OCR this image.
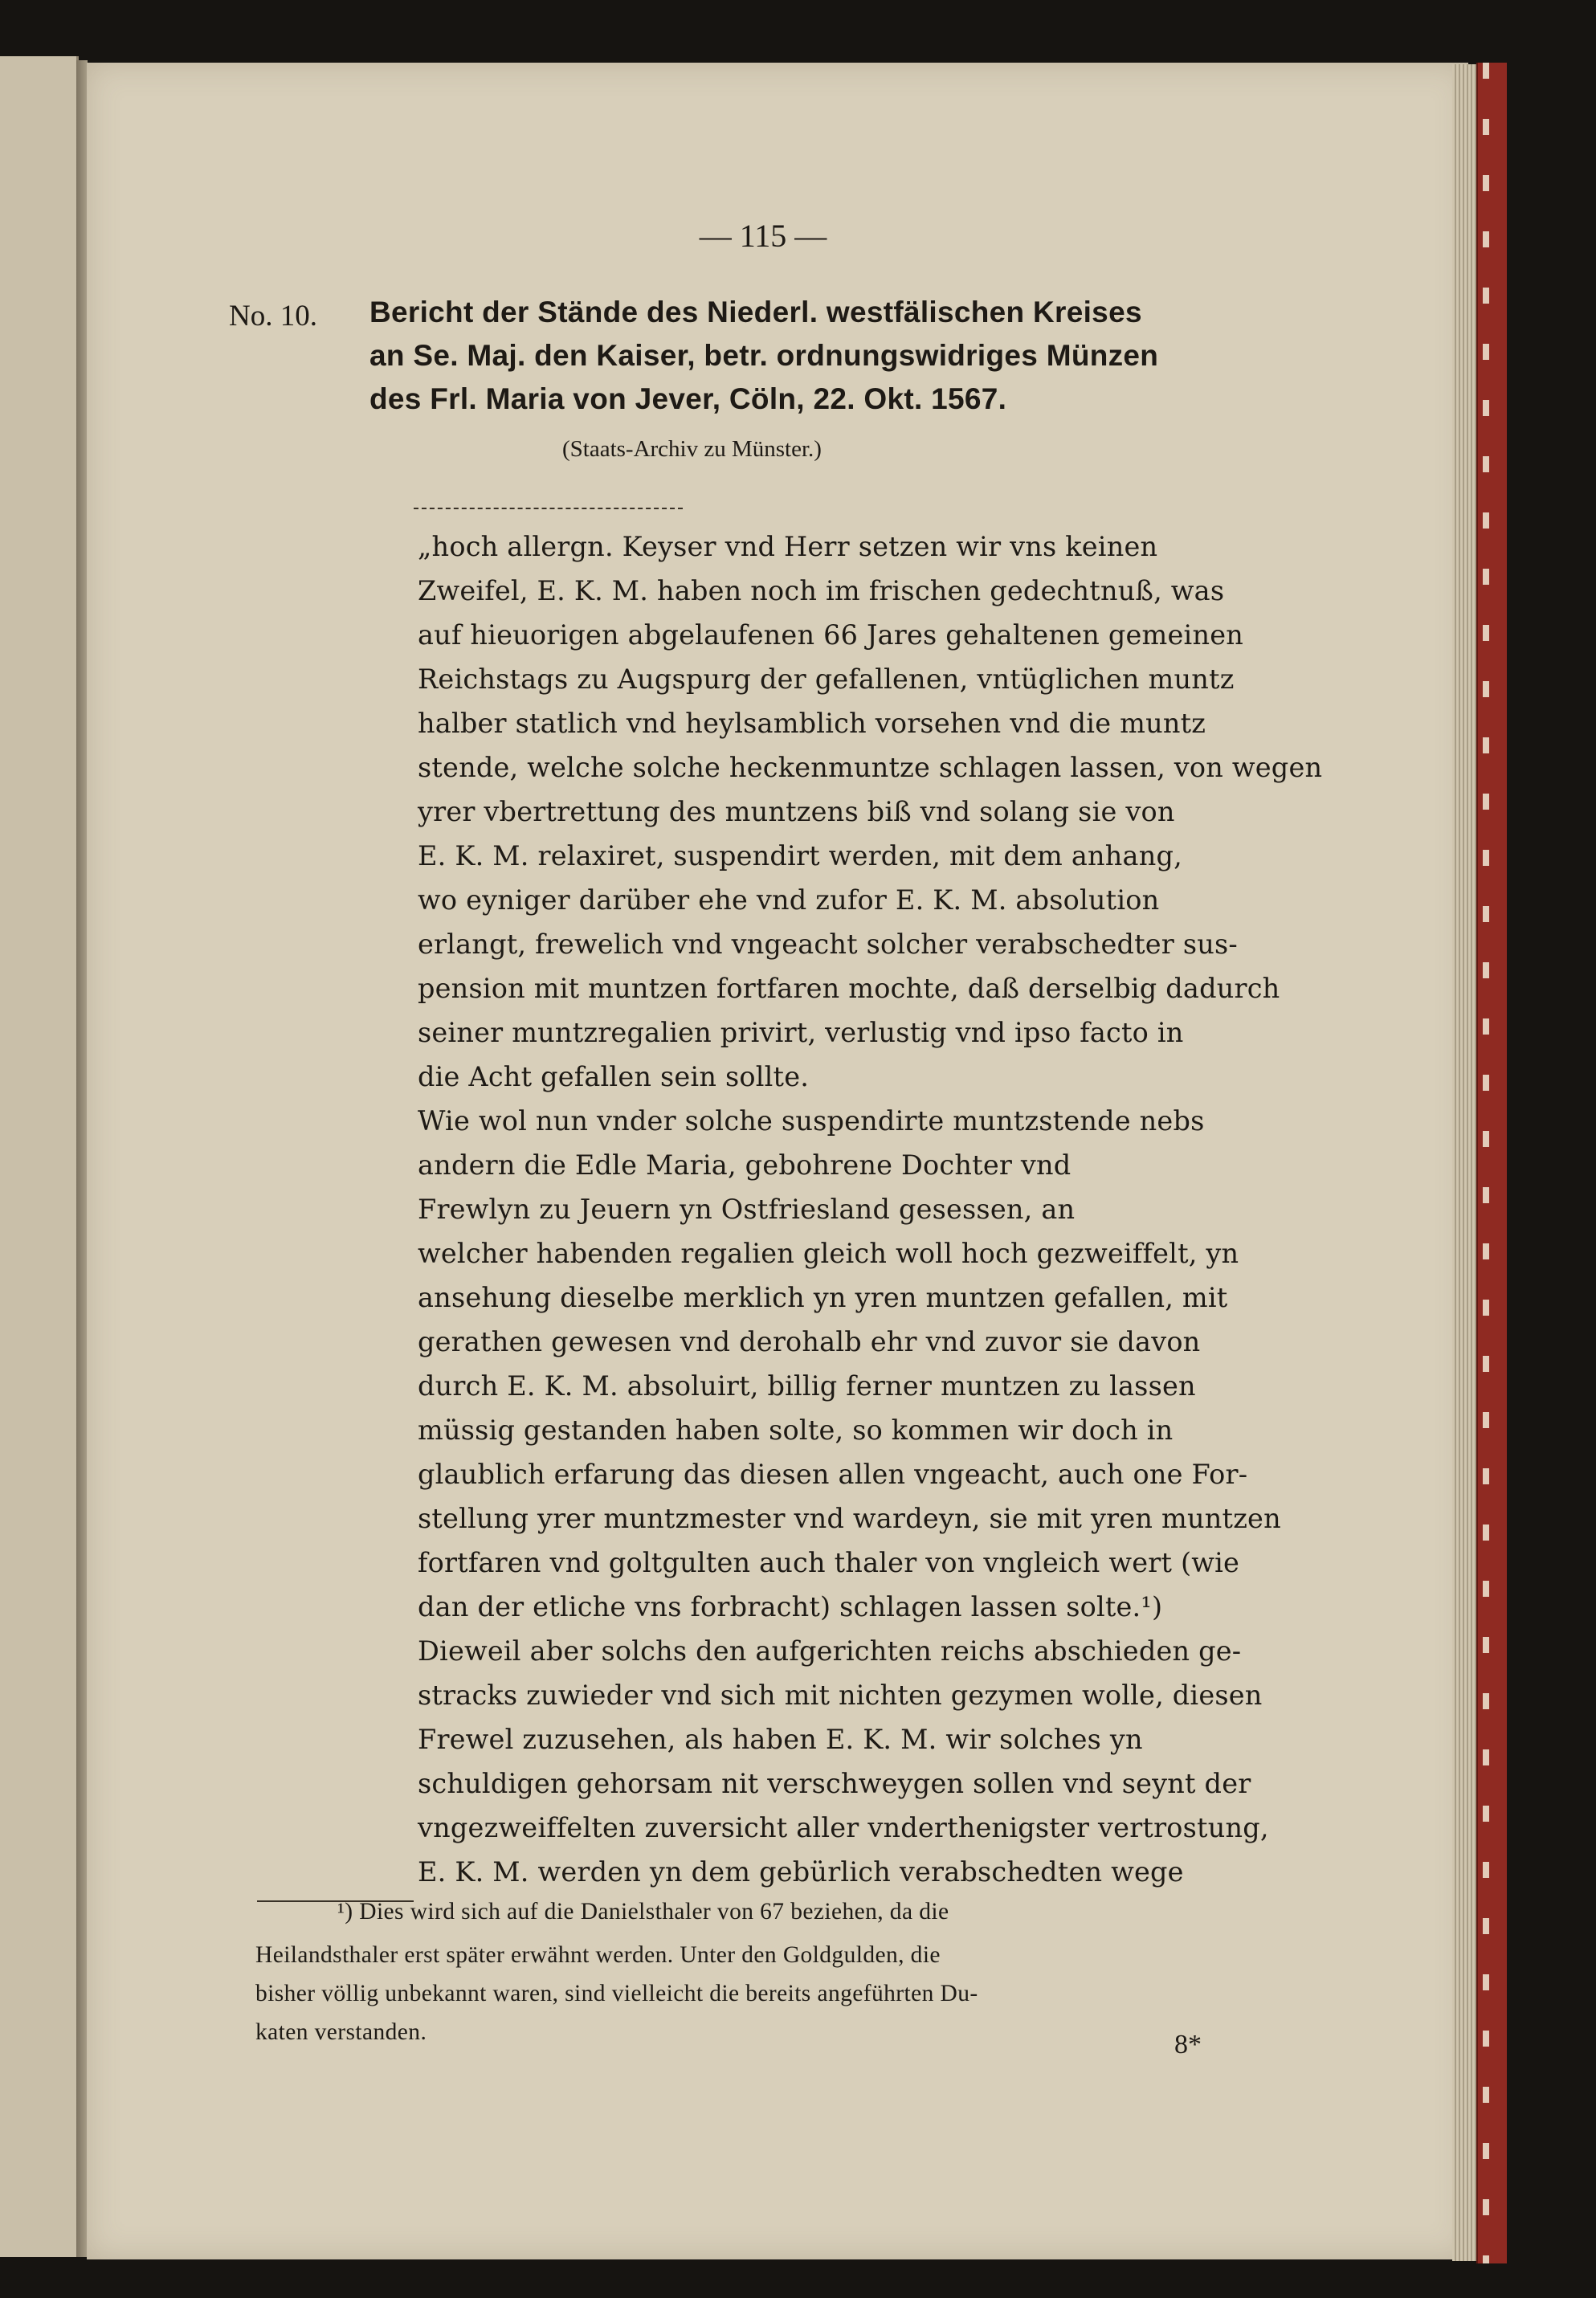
— 115 —
No. 10. Bericht der Stände des Niederl. westfälischen Kreises
an Se. Maj. den Kaiser, betr. ordnungswidriges Münzen
des Frl. Maria von Jever, Cöln, 22. Okt. 1567.
(Staats-Archiv zu Münster.)
„hoch allergn. Keyser vnd Herr setzen wir vns keinen
Zweifel, E. K. M. haben noch im frischen gedechtnuß, was
auf hieuorigen abgelaufenen 66 Jares gehaltenen gemeinen
Reichstags zu Augspurg der gefallenen, vntüglichen muntz
halber statlich vnd heylsamblich vorsehen vnd die muntz
stende, welche solche heckenmuntze schlagen lassen, von wegen
yrer vbertrettung des muntzens biß vnd solang sie von
E. K. M. relaxiret, suspendirt werden, mit dem anhang,
wo eyniger darüber ehe vnd zufor E. K. M. absolution
erlangt, frewelich vnd vngeacht solcher verabschedter sus-
pension mit muntzen fortfaren mochte, daß derselbig dadurch
seiner muntzregalien privirt, verlustig vnd ipso facto in
die Acht gefallen sein sollte.
Wie wol nun vnder solche suspendirte muntzstende nebs
andern die Edle Maria, gebohrene Dochter vnd
Frewlyn zu Jeuern yn Ostfriesland gesessen, an
welcher habenden regalien gleich woll hoch gezweiffelt, yn
ansehung dieselbe merklich yn yren muntzen gefallen, mit
gerathen gewesen vnd derohalb ehr vnd zuvor sie davon
durch E. K. M. absoluirt, billig ferner muntzen zu lassen
müssig gestanden haben solte, so kommen wir doch in
glaublich erfarung das diesen allen vngeacht, auch one For-
stellung yrer muntzmester vnd wardeyn, sie mit yren muntzen
fortfaren vnd goltgulten auch thaler von vngleich wert (wie
dan der etliche vns forbracht) schlagen lassen solte.¹)
Dieweil aber solchs den aufgerichten reichs abschieden ge-
stracks zuwieder vnd sich mit nichten gezymen wolle, diesen
Frewel zuzusehen, als haben E. K. M. wir solches yn
schuldigen gehorsam nit verschweygen sollen vnd seynt der
vngezweiffelten zuversicht aller vnderthenigster vertrostung,
E. K. M. werden yn dem gebürlich verabschedten wege
¹) Dies wird sich auf die Danielsthaler von 67 beziehen, da die
Heilandsthaler erst später erwähnt werden. Unter den Goldgulden, die
bisher völlig unbekannt waren, sind vielleicht die bereits angeführten Du-
katen verstanden.	8*
